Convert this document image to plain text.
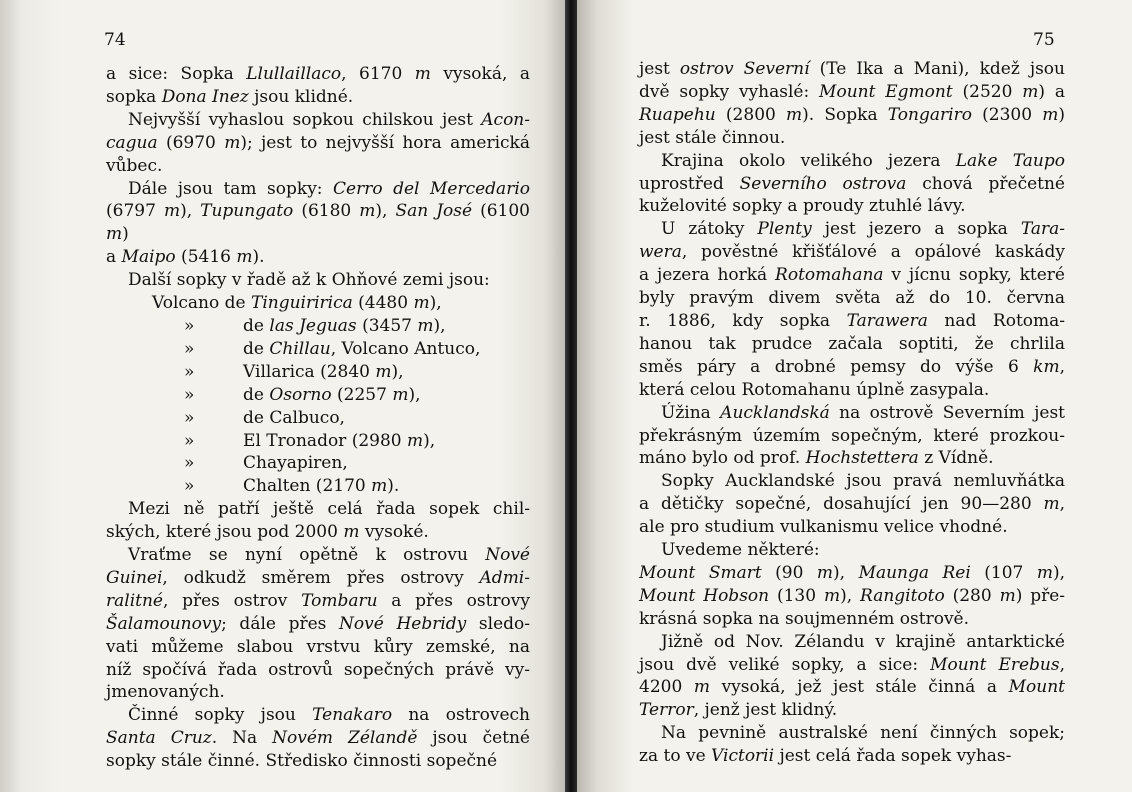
74

a sice: Sopka Llullaillaco, 6170 m vysoká, a

sopka Dona Inez jsou klidné.

Nejvyšší vyhaslou sopkou chilskou jest Acon-

cagua (6970 m); jest to nejvyšší hora americká

vůbec.

Dále jsou tam sopky: Cerro del Mercedario

(6797 m), Tupungato (6180 m), San José (6100 m)

a Maipo (5416 m).

Další sopky v řadě až k Ohňové zemi jsou:

Volcano de Tinguiririca (4480 m),

»         de las Jeguas (3457 m),

»         de Chillau, Volcano Antuco,

»         Villarica (2840 m),

»         de Osorno (2257 m),

»         de Calbuco,

»         El Tronador (2980 m),

»         Chayapiren,

»         Chalten (2170 m).

Mezi ně patří ještě celá řada sopek chil-

ských, které jsou pod 2000 m vysoké.

Vraťme se nyní opětně k ostrovu Nové

Guinei, odkudž směrem přes ostrovy Admi-

ralitné, přes ostrov Tombaru a přes ostrovy

Šalamounovy; dále přes Nové Hebridy sledo-

vati můžeme slabou vrstvu kůry zemské, na

níž spočívá řada ostrovů sopečných právě vy-

jmenovaných.

Činné sopky jsou Tenakaro na ostrovech

Santa Cruz. Na Novém Zélandě jsou četné

sopky stále činné. Středisko činnosti sopečné

75

jest ostrov Severní (Te Ika a Mani), kdež jsou

dvě sopky vyhaslé: Mount Egmont (2520 m) a

Ruapehu (2800 m). Sopka Tongariro (2300 m)

jest stále činnou.

Krajina okolo velikého jezera Lake Taupo

uprostřed Severního ostrova chová přečetné

kuželovité sopky a proudy ztuhlé lávy.

U zátoky Plenty jest jezero a sopka Tara-

wera, pověstné křišťálové a opálové kaskády

a jezera horká Rotomahana v jícnu sopky, které

byly pravým divem světa až do 10. června

r. 1886, kdy sopka Tarawera nad Rotoma-

hanou tak prudce začala soptiti, že chrlila

směs páry a drobné pemsy do výše 6 km,

která celou Rotomahanu úplně zasypala.

Úžina Aucklandská na ostrově Severním jest

překrásným územím sopečným, které prozkou-

máno bylo od prof. Hochstettera z Vídně.

Sopky Aucklandské jsou pravá nemluvňátka

a dětičky sopečné, dosahující jen 90—280 m,

ale pro studium vulkanismu velice vhodné.

Uvedeme některé:

Mount Smart (90 m), Maunga Rei (107 m),

Mount Hobson (130 m), Rangitoto (280 m) pře-

krásná sopka na soujmenném ostrově.

Jižně od Nov. Zélandu v krajině antarktické

jsou dvě veliké sopky, a sice: Mount Erebus,

4200 m vysoká, jež jest stále činná a Mount

Terror, jenž jest klidný.

Na pevnině australské není činných sopek;

za to ve Victorii jest celá řada sopek vyhas-
